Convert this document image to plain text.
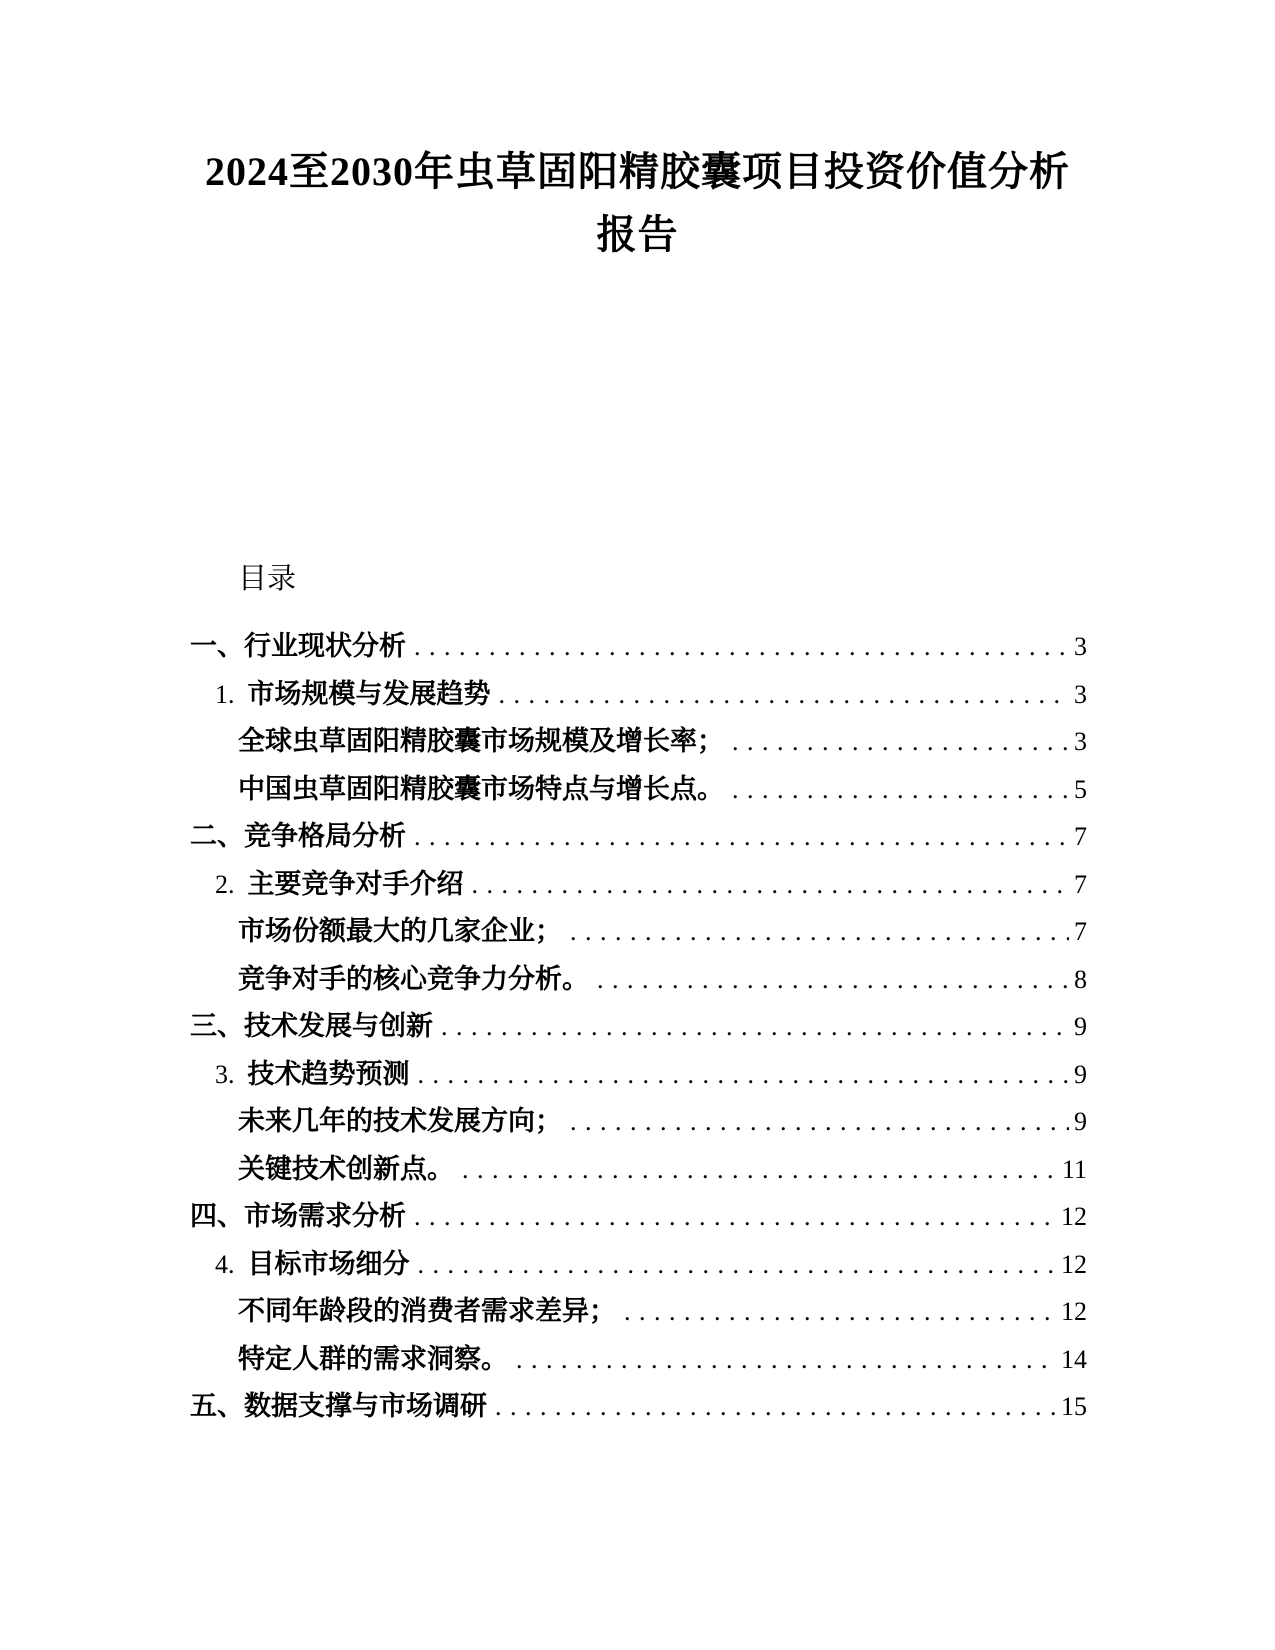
2024至2030年虫草固阳精胶囊项目投资价值分析报告
目录
一、行业现状分析 . . .	3
1. 市场规模与发展趋势 . . .	3
全球虫草固阳精胶囊市场规模及增长率； . . .	3
中国虫草固阳精胶囊市场特点与增长点。 . . .	5
二、竞争格局分析 . . .	7
2. 主要竞争对手介绍 . . .	7
市场份额最大的几家企业； . . .	7
竞争对手的核心竞争力分析。 . . .	8
三、技术发展与创新 . . .	9
3. 技术趋势预测 . . .	9
未来几年的技术发展方向； . . .	9
关键技术创新点。 . . .	11
四、市场需求分析 . . .	12
4. 目标市场细分 . . .	12
不同年龄段的消费者需求差异； . . .	12
特定人群的需求洞察。 . . .	14
五、数据支撑与市场调研 . . .	15
